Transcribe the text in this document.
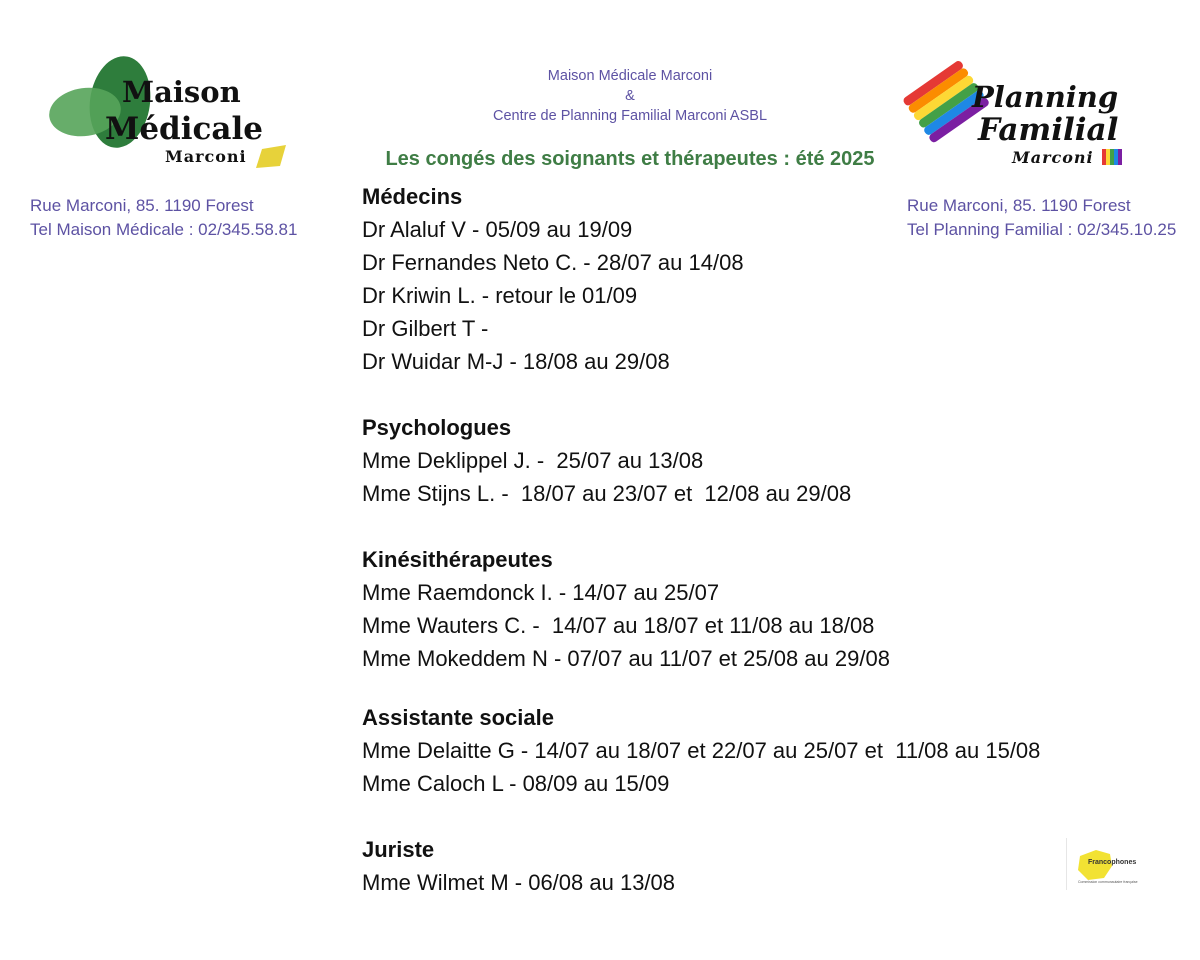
Maison
Médicale
Marconi
Planning
Familial
Marconi
Maison Médicale Marconi
&
Centre de Planning Familial Marconi ASBL
Les congés des soignants et thérapeutes : été 2025
Rue Marconi, 85. 1190 Forest
Tel Maison Médicale : 02/345.58.81
Rue Marconi, 85. 1190 Forest
Tel Planning Familial : 02/345.10.25
Médecins
Dr Alaluf V - 05/09 au 19/09
Dr Fernandes Neto C. - 28/07 au 14/08
Dr Kriwin L. - retour le 01/09
Dr Gilbert T -
Dr Wuidar M-J - 18/08 au 29/08
Psychologues
Mme Deklippel J. -  25/07 au 13/08
Mme Stijns L. -  18/07 au 23/07 et  12/08 au 29/08
Kinésithérapeutes
Mme Raemdonck I. - 14/07 au 25/07
Mme Wauters C. -  14/07 au 18/07 et 11/08 au 18/08
Mme Mokeddem N - 07/07 au 11/07 et 25/08 au 29/08
Assistante sociale
Mme Delaitte G - 14/07 au 18/07 et 22/07 au 25/07 et  11/08 au 15/08
Mme Caloch L - 08/09 au 15/09
Juriste
Mme Wilmet M - 06/08 au 13/08
Francophones
Commission communautaire française
